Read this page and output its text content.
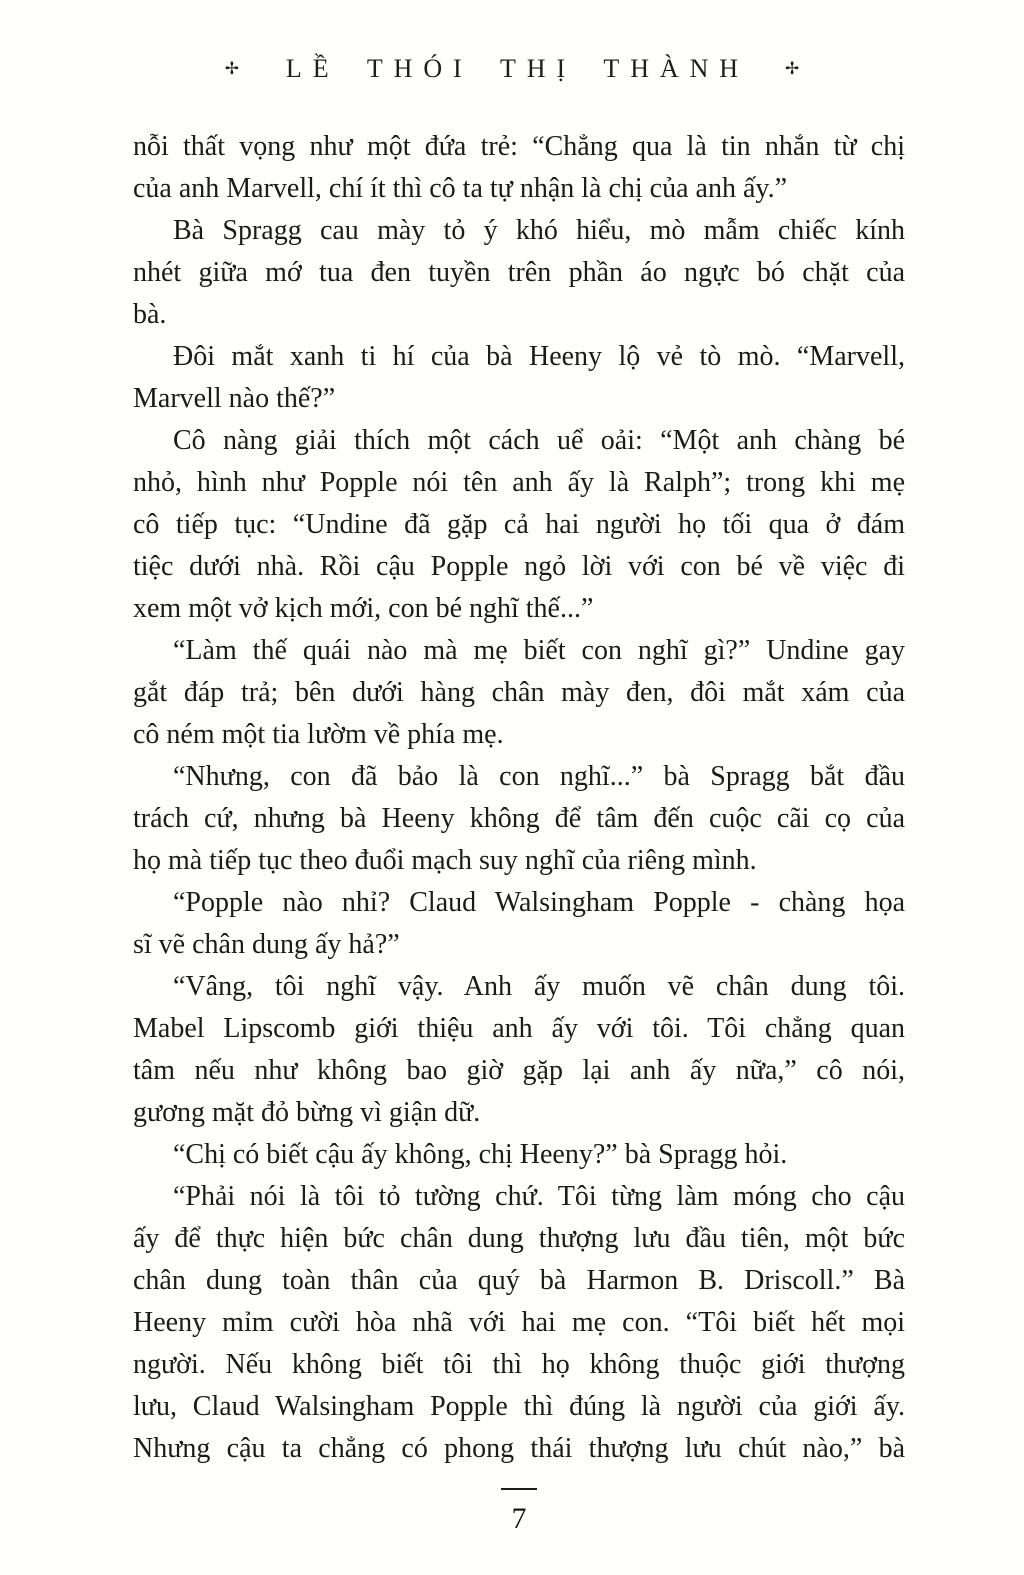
✢	LỀ THÓI THỊ THÀNH ✢
nỗi thất vọng như một đứa trẻ: “Chẳng qua là tin nhắn từ chị
của anh Marvell, chí ít thì cô ta tự nhận là chị của anh ấy.”
Bà Spragg cau mày tỏ ý khó hiểu, mò mẫm chiếc kính
nhét giữa mớ tua đen tuyền trên phần áo ngực bó chặt của
bà.
Đôi mắt xanh ti hí của bà Heeny lộ vẻ tò mò. “Marvell,
Marvell nào thế?”
Cô nàng giải thích một cách uể oải: “Một anh chàng bé
nhỏ, hình như Popple nói tên anh ấy là Ralph”; trong khi mẹ
cô tiếp tục: “Undine đã gặp cả hai người họ tối qua ở đám
tiệc dưới nhà. Rồi cậu Popple ngỏ lời với con bé về việc đi
xem một vở kịch mới, con bé nghĩ thế...”
“Làm thế quái nào mà mẹ biết con nghĩ gì?” Undine gay
gắt đáp trả; bên dưới hàng chân mày đen, đôi mắt xám của
cô ném một tia lườm về phía mẹ.
“Nhưng, con đã bảo là con nghĩ...” bà Spragg bắt đầu
trách cứ, nhưng bà Heeny không để tâm đến cuộc cãi cọ của
họ mà tiếp tục theo đuổi mạch suy nghĩ của riêng mình.
“Popple nào nhỉ? Claud Walsingham Popple - chàng họa
sĩ vẽ chân dung ấy hả?”
“Vâng, tôi nghĩ vậy. Anh ấy muốn vẽ chân dung tôi.
Mabel Lipscomb giới thiệu anh ấy với tôi. Tôi chẳng quan
tâm nếu như không bao giờ gặp lại anh ấy nữa,” cô nói,
gương mặt đỏ bừng vì giận dữ.
“Chị có biết cậu ấy không, chị Heeny?” bà Spragg hỏi.
“Phải nói là tôi tỏ tường chứ. Tôi từng làm móng cho cậu
ấy để thực hiện bức chân dung thượng lưu đầu tiên, một bức
chân dung toàn thân của quý bà Harmon B. Driscoll.” Bà
Heeny mỉm cười hòa nhã với hai mẹ con. “Tôi biết hết mọi
người. Nếu không biết tôi thì họ không thuộc giới thượng
lưu, Claud Walsingham Popple thì đúng là người của giới ấy.
Nhưng cậu ta chẳng có phong thái thượng lưu chút nào,” bà
7
